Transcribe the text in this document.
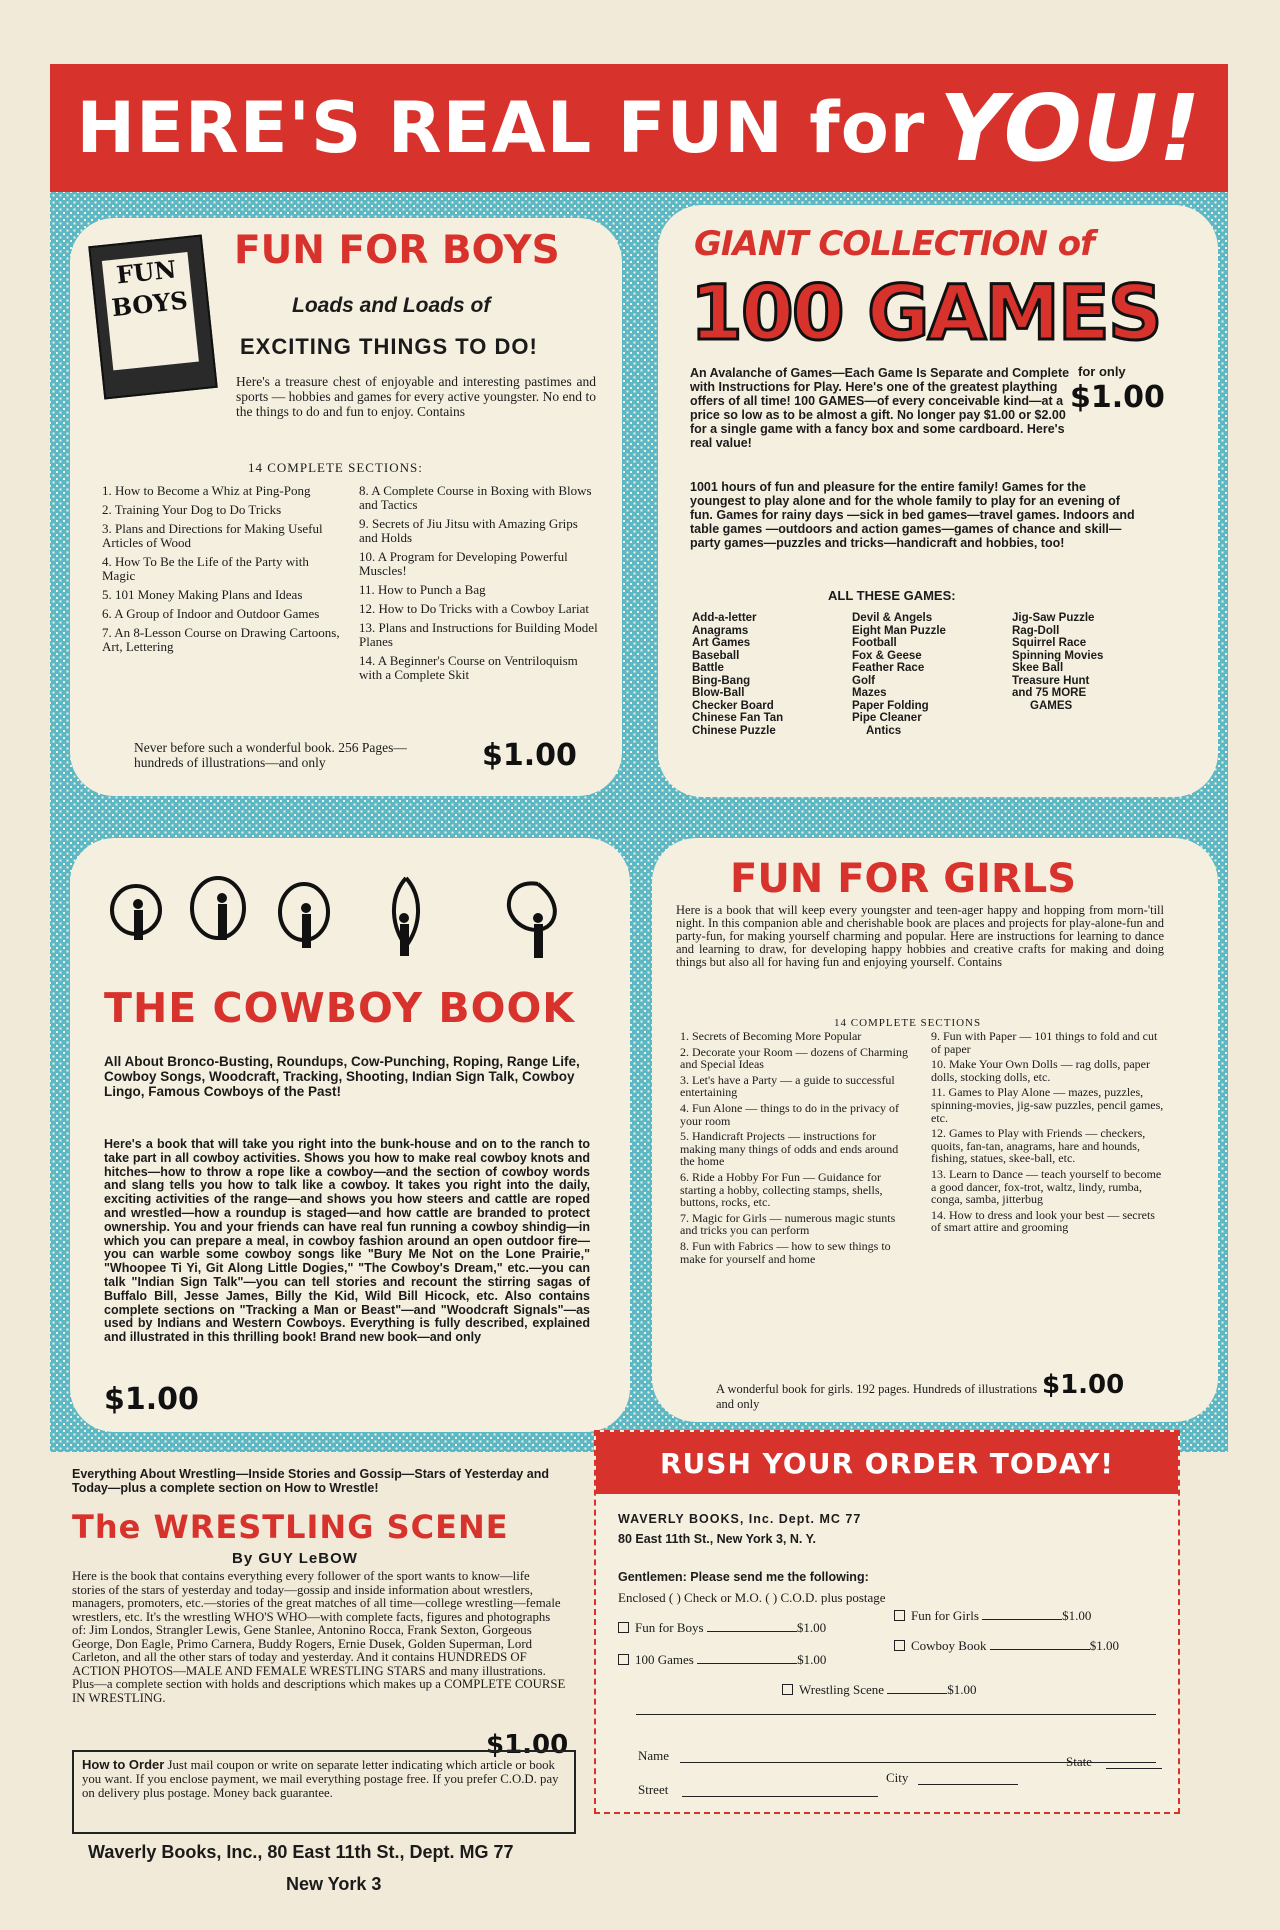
HERE'S REAL FUN for YOU!
FUN BOYS
FUN FOR BOYS
Loads and Loads of
EXCITING THINGS TO DO!
Here's a treasure chest of enjoyable and interesting pastimes and sports — hobbies and games for every active youngster. No end to the things to do and fun to enjoy. Contains
14 COMPLETE SECTIONS:
1. How to Become a Whiz at Ping-Pong
2. Training Your Dog to Do Tricks
3. Plans and Directions for Making Useful Articles of Wood
4. How To Be the Life of the Party with Magic
5. 101 Money Making Plans and Ideas
6. A Group of Indoor and Outdoor Games
7. An 8-Lesson Course on Drawing Cartoons, Art, Lettering
8. A Complete Course in Boxing with Blows and Tactics
9. Secrets of Jiu Jitsu with Amazing Grips and Holds
10. A Program for Developing Powerful Muscles!
11. How to Punch a Bag
12. How to Do Tricks with a Cowboy Lariat
13. Plans and Instructions for Building Model Planes
14. A Beginner's Course on Ventriloquism with a Complete Skit
Never before such a wonderful book. 256 Pages—hundreds of illustrations—and only	$1.00
GIANT COLLECTION of
100 GAMES
An Avalanche of Games—Each Game Is Separate and Complete with Instructions for Play. Here's one of the greatest plaything offers of all time! 100 GAMES—of every conceivable kind—at a price so low as to be almost a gift. No longer pay $1.00 or $2.00 for a single game with a fancy box and some cardboard. Here's real value!
for only
$1.00
1001 hours of fun and pleasure for the entire family! Games for the youngest to play alone and for the whole family to play for an evening of fun. Games for rainy days —sick in bed games—travel games. Indoors and table games —outdoors and action games—games of chance and skill— party games—puzzles and tricks—handicraft and hobbies, too!
ALL THESE GAMES:
Add-a-letter
Anagrams
Art Games
Baseball
Battle
Bing-Bang
Blow-Ball
Checker Board
Chinese Fan Tan
Chinese Puzzle
Devil & Angels
Eight Man Puzzle
Football
Fox & Geese
Feather Race
Golf
Mazes
Paper Folding
Pipe Cleaner
Antics
Jig-Saw Puzzle
Rag-Doll
Squirrel Race
Spinning Movies
Skee Ball
Treasure Hunt
and 75 MORE
GAMES
THE COWBOY BOOK
All About Bronco-Busting, Roundups, Cow-Punching, Roping, Range Life, Cowboy Songs, Woodcraft, Tracking, Shooting, Indian Sign Talk, Cowboy Lingo, Famous Cowboys of the Past!
Here's a book that will take you right into the bunk-house and on to the ranch to take part in all cowboy activities. Shows you how to make real cowboy knots and hitches—how to throw a rope like a cowboy—and the section of cowboy words and slang tells you how to talk like a cowboy. It takes you right into the daily, exciting activities of the range—and shows you how steers and cattle are roped and wrestled—how a roundup is staged—and how cattle are branded to protect ownership. You and your friends can have real fun running a cowboy shindig—in which you can prepare a meal, in cowboy fashion around an open outdoor fire—you can warble some cowboy songs like "Bury Me Not on the Lone Prairie," "Whoopee Ti Yi, Git Along Little Dogies," "The Cowboy's Dream," etc.—you can talk "Indian Sign Talk"—you can tell stories and recount the stirring sagas of Buffalo Bill, Jesse James, Billy the Kid, Wild Bill Hicock, etc. Also contains complete sections on "Tracking a Man or Beast"—and "Woodcraft Signals"—as used by Indians and Western Cowboys. Everything is fully described, explained and illustrated in this thrilling book! Brand new book—and only
$1.00
FUN FOR GIRLS
Here is a book that will keep every youngster and teen-ager happy and hopping from morn-'till night. In this companion able and cherishable book are places and projects for play-alone-fun and party-fun, for making yourself charming and popular. Here are instructions for learning to dance and learning to draw, for developing happy hobbies and creative crafts for making and doing things but also all for having fun and enjoying yourself. Contains
14 COMPLETE SECTIONS
1. Secrets of Becoming More Popular
2. Decorate your Room — dozens of Charming and Special Ideas
3. Let's have a Party — a guide to successful entertaining
4. Fun Alone — things to do in the privacy of your room
5. Handicraft Projects — instructions for making many things of odds and ends around the home
6. Ride a Hobby For Fun — Guidance for starting a hobby, collecting stamps, shells, buttons, rocks, etc.
7. Magic for Girls — numerous magic stunts and tricks you can perform
8. Fun with Fabrics — how to sew things to make for yourself and home
9. Fun with Paper — 101 things to fold and cut of paper
10. Make Your Own Dolls — rag dolls, paper dolls, stocking dolls, etc.
11. Games to Play Alone — mazes, puzzles, spinning-movies, jig-saw puzzles, pencil games, etc.
12. Games to Play with Friends — checkers, quoits, fan-tan, anagrams, hare and hounds, fishing, statues, skee-ball, etc.
13. Learn to Dance — teach yourself to become a good dancer, fox-trot, waltz, lindy, rumba, conga, samba, jitterbug
14. How to dress and look your best — secrets of smart attire and grooming
A wonderful book for girls. 192 pages. Hundreds of illustrations and only
$1.00
Everything About Wrestling—Inside Stories and Gossip—Stars of Yesterday and Today—plus a complete section on How to Wrestle!
The WRESTLING SCENE
By GUY LeBOW
Here is the book that contains everything every follower of the sport wants to know—life stories of the stars of yesterday and today—gossip and inside information about wrestlers, managers, promoters, etc.—stories of the great matches of all time—college wrestling—female wrestlers, etc. It's the wrestling WHO'S WHO—with complete facts, figures and photographs of: Jim Londos, Strangler Lewis, Gene Stanlee, Antonino Rocca, Frank Sexton, Gorgeous George, Don Eagle, Primo Carnera, Buddy Rogers, Ernie Dusek, Golden Superman, Lord Carleton, and all the other stars of today and yesterday. And it contains HUNDREDS OF ACTION PHOTOS—MALE AND FEMALE WRESTLING STARS and many illustrations. Plus—a complete section with holds and descriptions which makes up a COMPLETE COURSE IN WRESTLING.
$1.00
How to Order Just mail coupon or write on separate letter indicating which article or book you want. If you enclose payment, we mail everything postage free. If you prefer C.O.D. pay on delivery plus postage. Money back guarantee.
Waverly Books, Inc., 80 East 11th St., Dept. MG 77
New York 3
RUSH YOUR ORDER TODAY!
WAVERLY BOOKS, Inc. Dept. MC 77
80 East 11th St., New York 3, N. Y.
Gentlemen: Please send me the following:
Enclosed ( ) Check or M.O. ( ) C.O.D. plus postage
Fun for Boys	$1.00
Fun for Girls	$1.00
100 Games	$1.00
Cowboy Book	$1.00
Wrestling Scene	$1.00
Name
Street
City
State
